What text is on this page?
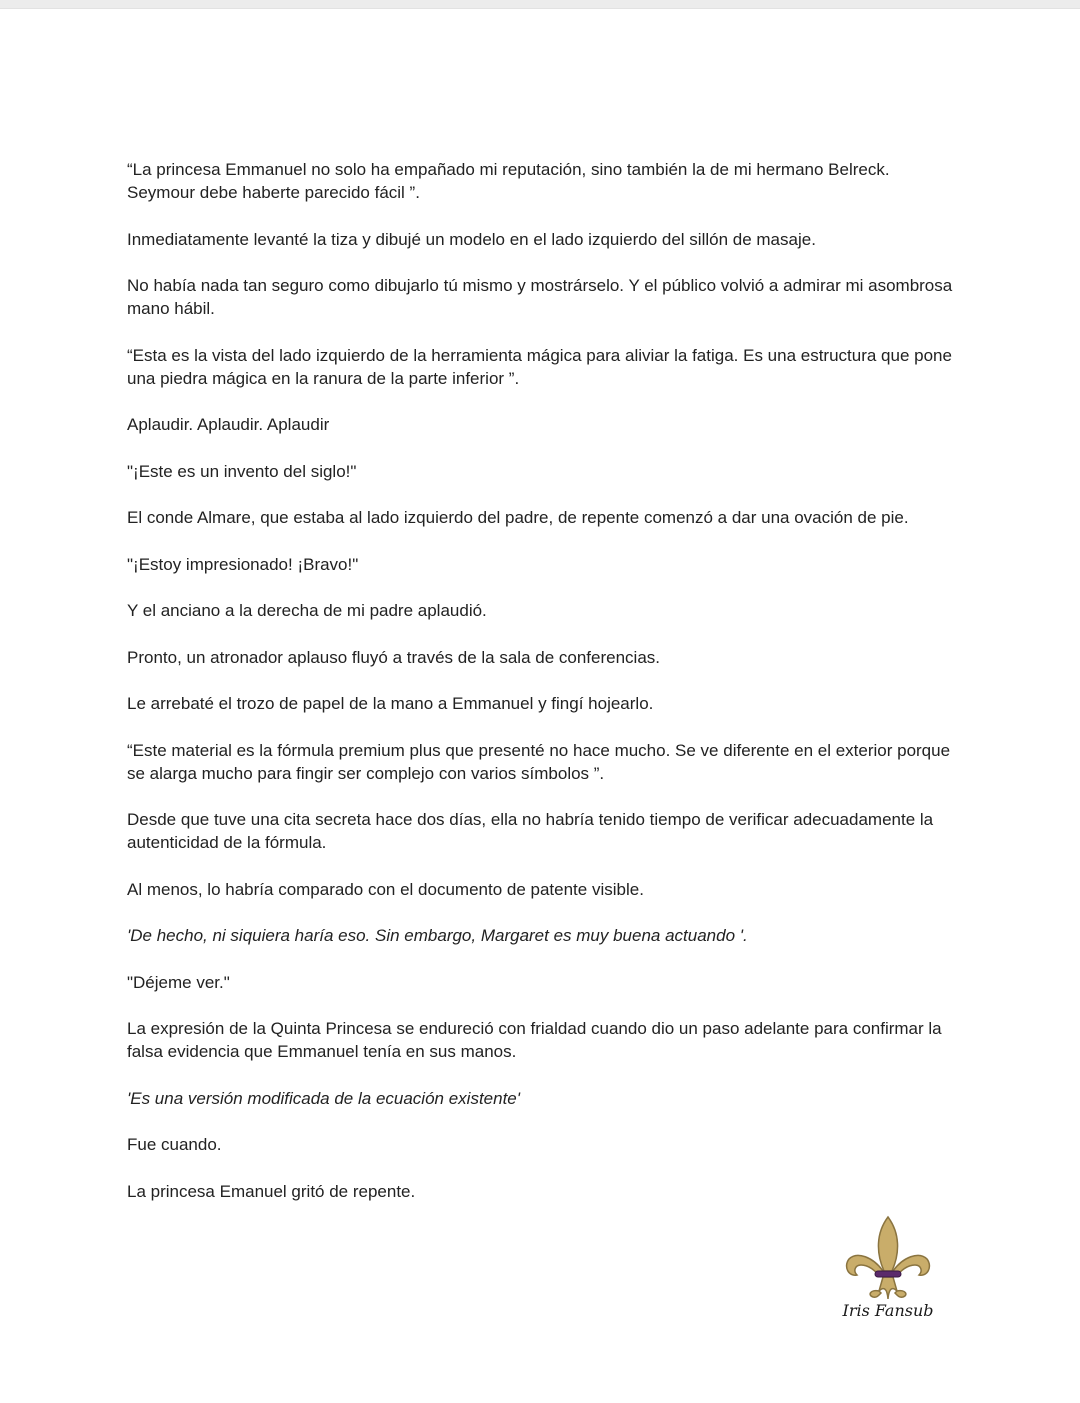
“La princesa Emmanuel no solo ha empañado mi reputación, sino también la de mi hermano Belreck. Seymour debe haberte parecido fácil ”.

Inmediatamente levanté la tiza y dibujé un modelo en el lado izquierdo del sillón de masaje.

No había nada tan seguro como dibujarlo tú mismo y mostrárselo. Y el público volvió a admirar mi asombrosa mano hábil.

“Esta es la vista del lado izquierdo de la herramienta mágica para aliviar la fatiga. Es una estructura que pone una piedra mágica en la ranura de la parte inferior ”.

Aplaudir. Aplaudir. Aplaudir

"¡Este es un invento del siglo!"

El conde Almare, que estaba al lado izquierdo del padre, de repente comenzó a dar una ovación de pie.

"¡Estoy impresionado! ¡Bravo!"

Y el anciano a la derecha de mi padre aplaudió.

Pronto, un atronador aplauso fluyó a través de la sala de conferencias.

Le arrebaté el trozo de papel de la mano a Emmanuel y fingí hojearlo.

“Este material es la fórmula premium plus que presenté no hace mucho. Se ve diferente en el exterior porque se alarga mucho para fingir ser complejo con varios símbolos ”.

Desde que tuve una cita secreta hace dos días, ella no habría tenido tiempo de verificar adecuadamente la autenticidad de la fórmula.

Al menos, lo habría comparado con el documento de patente visible.

'De hecho, ni siquiera haría eso. Sin embargo, Margaret es muy buena actuando '.

"Déjeme ver."

La expresión de la Quinta Princesa se endureció con frialdad cuando dio un paso adelante para confirmar la falsa evidencia que Emmanuel tenía en sus manos.

'Es una versión modificada de la ecuación existente'

Fue cuando.

La princesa Emanuel gritó de repente.

Iris Fansub
